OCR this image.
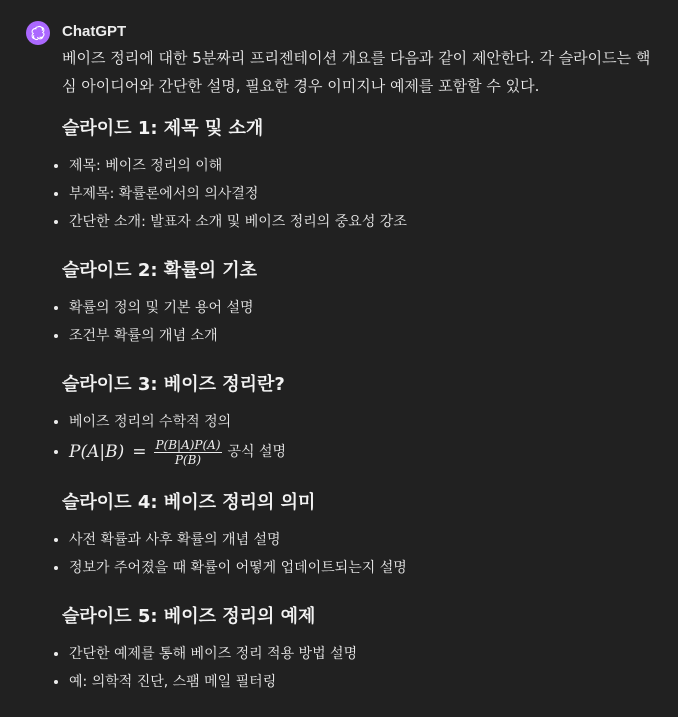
ChatGPT

베이즈 정리에 대한 5분짜리 프리젠테이션 개요를 다음과 같이 제안한다. 각 슬라이드는 핵심 아이디어와 간단한 설명, 필요한 경우 이미지나 예제를 포함할 수 있다.

슬라이드 1: 제목 및 소개
제목: 베이즈 정리의 이해
부제목: 확률론에서의 의사결정
간단한 소개: 발표자 소개 및 베이즈 정리의 중요성 강조
슬라이드 2: 확률의 기초
확률의 정의 및 기본 용어 설명
조건부 확률의 개념 소개
슬라이드 3: 베이즈 정리란?
베이즈 정리의 수학적 정의
$P(A|B) = \frac{P(B|A)P(A)}{P(B)}$ 공식 설명
슬라이드 4: 베이즈 정리의 의미
사전 확률과 사후 확률의 개념 설명
정보가 주어졌을 때 확률이 어떻게 업데이트되는지 설명
슬라이드 5: 베이즈 정리의 예제
간단한 예제를 통해 베이즈 정리 적용 방법 설명
예: 의학적 진단, 스팸 메일 필터링
